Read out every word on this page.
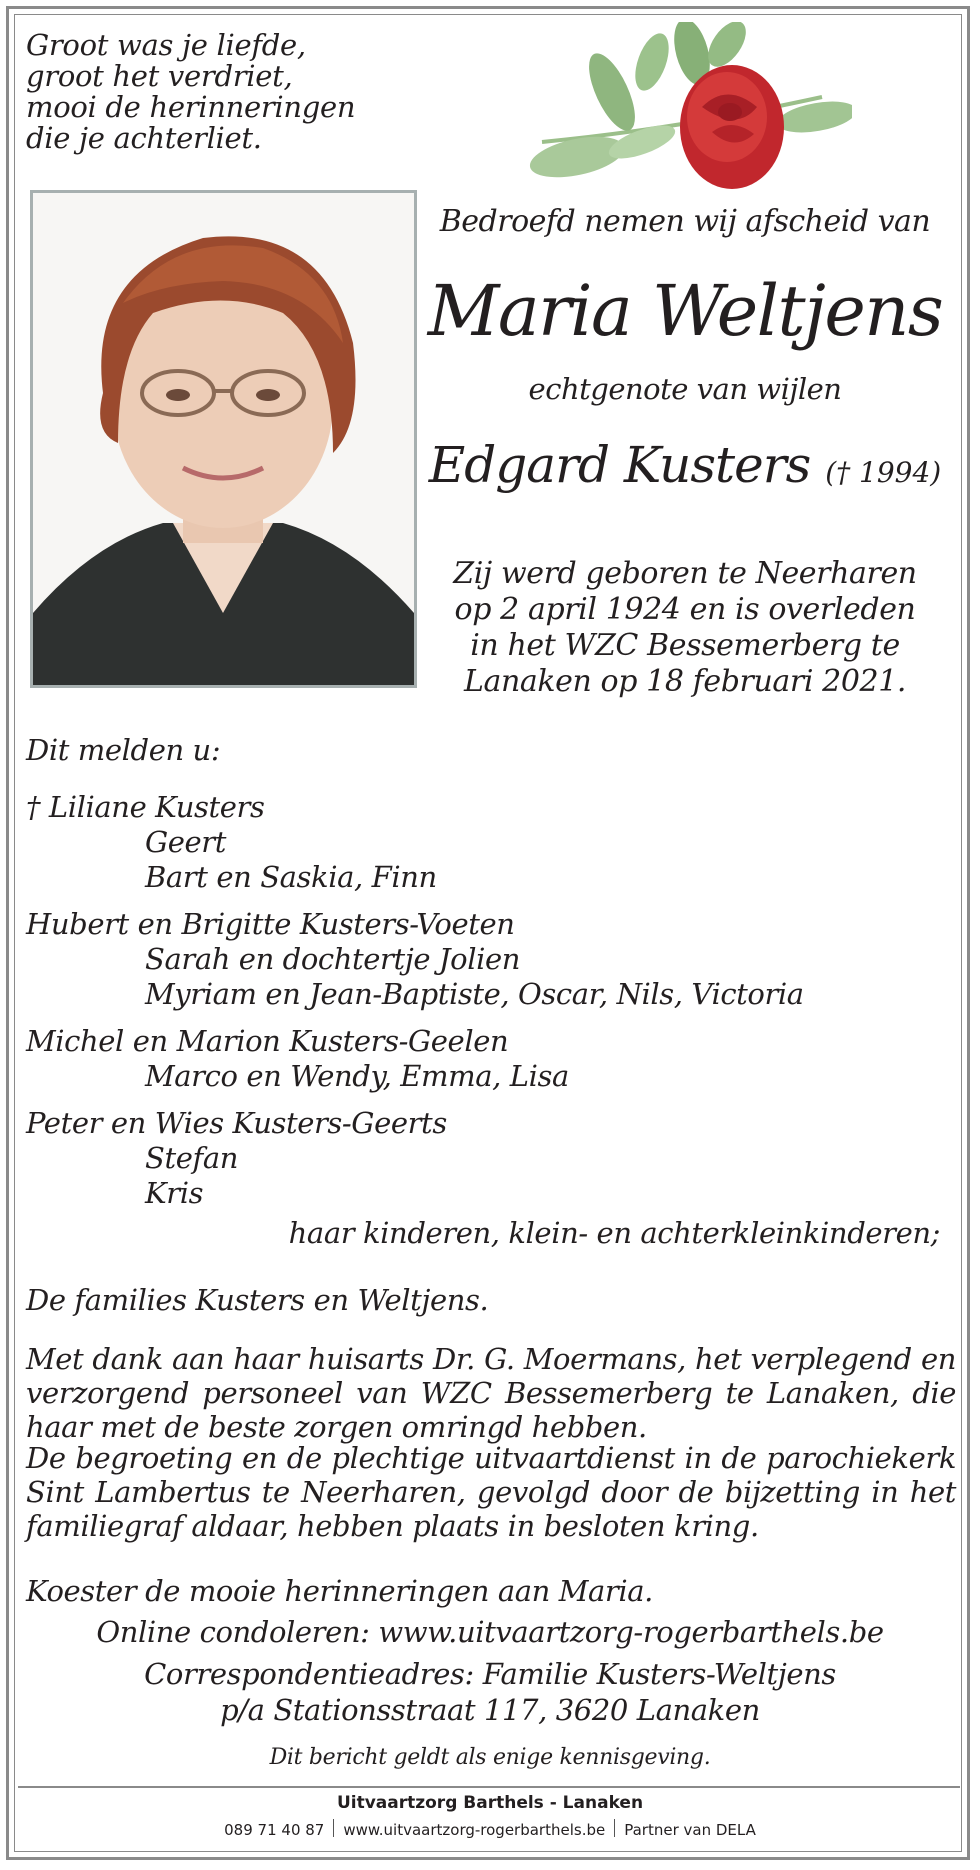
Groot was je liefde,
groot het verdriet,
mooi de herinneringen
die je achterliet.
Bedroefd nemen wij afscheid van
Maria Weltjens
echtgenote van wijlen
Edgard Kusters († 1994)
Zij werd geboren te Neerharen
op 2 april 1924 en is overleden
in het WZC Bessemerberg te
Lanaken op 18 februari 2021.
Dit melden u:
† Liliane Kusters
Geert
Bart en Saskia, Finn
Hubert en Brigitte Kusters-Voeten
Sarah en dochtertje Jolien
Myriam en Jean-Baptiste, Oscar, Nils, Victoria
Michel en Marion Kusters-Geelen
Marco en Wendy, Emma, Lisa
Peter en Wies Kusters-Geerts
Stefan
Kris
haar kinderen, klein- en achterkleinkinderen;
De families Kusters en Weltjens.
Met dank aan haar huisarts Dr. G. Moermans, het verplegend en verzorgend personeel van WZC Bessemerberg te Lanaken, die haar met de beste zorgen omringd hebben.
De begroeting en de plechtige uitvaartdienst in de parochiekerk Sint Lambertus te Neerharen, gevolgd door de bijzetting in het familiegraf aldaar, hebben plaats in besloten kring.
Koester de mooie herinneringen aan Maria.
Online condoleren: www.uitvaartzorg-rogerbarthels.be
Correspondentieadres: Familie Kusters-Weltjens
p/a Stationsstraat 117, 3620 Lanaken
Dit bericht geldt als enige kennisgeving.
Uitvaartzorg Barthels - Lanaken
089 71 40 87 www.uitvaartzorg-rogerbarthels.be Partner van DELA
